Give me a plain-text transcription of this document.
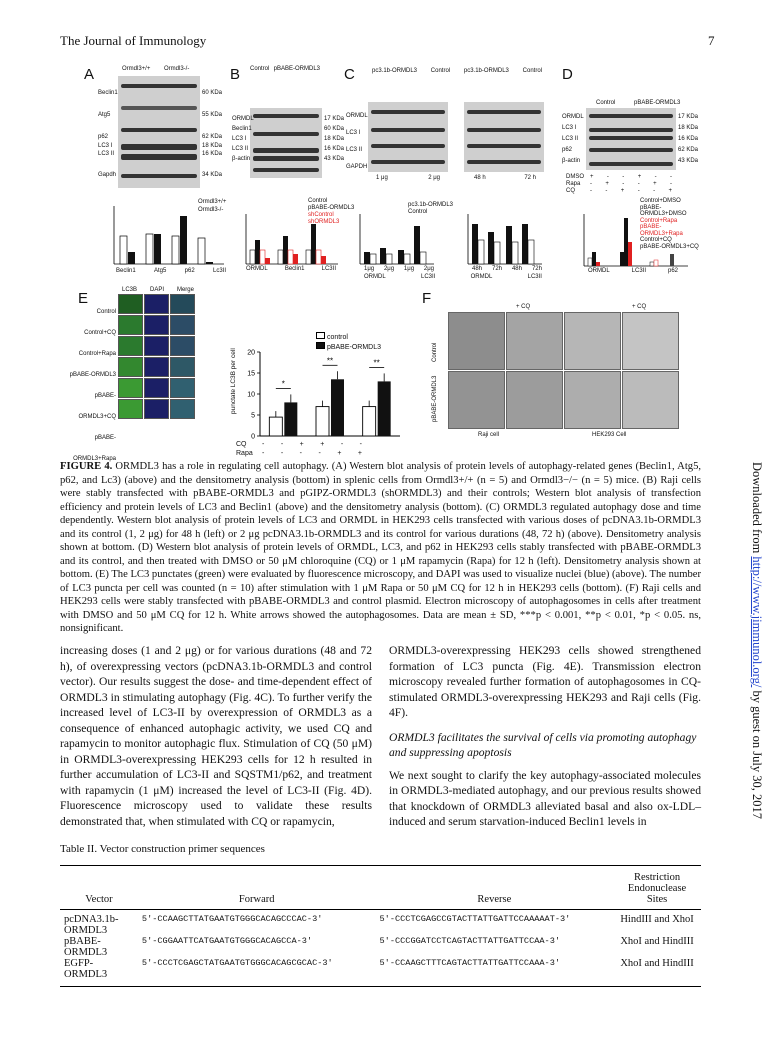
The Journal of Immunology	7
Downloaded from http://www.jimmunol.org/ by guest on July 30, 2017
A	B	C	D
E	F
Ormdl3+/+ Ormdl3-/-
Beclin1
Atg5
p62
LC3 I
LC3 II
Gapdh
60 KDa
55 KDa
62 KDa
18 KDa
16 KDa
34 KDa
Ormdl3+/+
Ormdl3-/-
Beclin1	Atg5	p62	Lc3II
Control pBABE-ORMDL3
ORMDL
Beclin1
LC3 I
LC3 II
β-actin
17 KDa
60 KDa
18 KDa
16 KDa
43 KDa
Control
pBABE-ORMDL3
shControl
shORMDL3
ORMDL	Beclin1	LC3II
ORMDL
LC3 I
LC3 II
GAPDH
1 μg	2 μg	48 h	72 h
pc3.1b-ORMDL3 Control pc3.1b-ORMDL3 Control
pc3.1b-ORMDL3
Control
1μg 2μg 1μg 2μg	48h 72h 48h 72h
ORMDL	LC3II	ORMDL	LC3II
Control	pBABE-ORMDL3
ORMDL
LC3 I
LC3 II
p62
β-actin
17 KDa
18 KDa
16 KDa
62 KDa
43 KDa
DMSO
Rapa
CQ
+ - - + - -
- + - - + -
- - + - - +
Control+DMSO
pBABE-ORMDL3+DMSO
Control+Rapa
pBABE-ORMDL3+Rapa
Control+CQ
pBABE-ORMDL3+CQ
ORMDL	LC3II	p62
LC3B DAPI Merge
Control
Control+CQ
Control+Rapa
pBABE-ORMDL3
pBABE-ORMDL3+CQ
pBABE-ORMDL3+Rapa
0
5
10
15
20
*
**	**
control
pBABE-ORMDL3
punctate LC3B per cell
CQ
Rapa
- - + + - -
- - - - + +
+ CQ	+ CQ
Control
pBABE-ORMDL3
Raji cell	HEK293 Cell
FIGURE 4. ORMDL3 has a role in regulating cell autophagy. (A) Western blot analysis of protein levels of autophagy-related genes (Beclin1, Atg5, p62, and Lc3) (above) and the densitometry analysis (bottom) in splenic cells from Ormdl3+/+ (n = 5) and Ormdl3−/− (n = 5) mice. (B) Raji cells were stably transfected with pBABE-ORMDL3 and pGIPZ-ORMDL3 (shORMDL3) and their controls; Western blot analysis of transfection efficiency and protein levels of LC3 and Beclin1 (above) and the densitometry analysis (bottom). (C) ORMDL3 regulated autophagy dose and time dependently. Western blot analysis of protein levels of LC3 and ORMDL in HEK293 cells transfected with various doses of pcDNA3.1b-ORMDL3 and its control (1, 2 μg) for 48 h (left) or 2 μg pcDNA3.1b-ORMDL3 and its control for various durations (48, 72 h) (above). Densitometry analysis shown at bottom. (D) Western blot analysis of protein levels of ORMDL, LC3, and p62 in HEK293 cells stably transfected with pBABE-ORMDL3 and its control, and then treated with DMSO or 50 μM chloroquine (CQ) or 1 μM rapamycin (Rapa) for 12 h (left). Densitometry analysis shown at bottom. (E) The LC3 punctates (green) were evaluated by fluorescence microscopy, and DAPI was used to visualize nuclei (blue) (above). The number of LC3 puncta per cell was counted (n = 10) after stimulation with 1 μM Rapa or 50 μM CQ for 12 h in HEK293 cells (bottom). (F) Raji cells and HEK293 cells were stably transfected with pBABE-ORMDL3 and control plasmid. Electron microscopy of autophagosomes in cells after treatment with DMSO and 50 μM CQ for 12 h. White arrows showed the autophagosomes. Data are mean ± SD, ***p < 0.001, **p < 0.01, *p < 0.05. ns, nonsignificant.
increasing doses (1 and 2 μg) or for various durations (48 and 72 h), of overexpressing vectors (pcDNA3.1b-ORMDL3 and control vector). Our results suggest the dose- and time-dependent effect of ORMDL3 in stimulating autophagy (Fig. 4C). To further verify the increased level of LC3-II by overexpression of ORMDL3 as a consequence of enhanced autophagic activity, we used CQ and rapamycin to monitor autophagic flux. Stimulation of CQ (50 μM) in ORMDL3-overexpressing HEK293 cells for 12 h resulted in further accumulation of LC3-II and SQSTM1/p62, and treatment with rapamycin (1 μM) increased the level of LC3-II (Fig. 4D). Fluorescence microscopy used to validate these results demonstrated that, when stimulated with CQ or rapamycin,
ORMDL3-overexpressing HEK293 cells showed strengthened formation of LC3 puncta (Fig. 4E). Transmission electron microscopy revealed further formation of autophagosomes in CQ-stimulated ORMDL3-overexpressing HEK293 and Raji cells (Fig. 4F).
ORMDL3 facilitates the survival of cells via promoting autophagy and suppressing apoptosis
We next sought to clarify the key autophagy-associated molecules in ORMDL3-mediated autophagy, and our previous results showed that knockdown of ORMDL3 alleviated basal and also ox-LDL–induced and serum starvation-induced Beclin1 levels in
Table II. Vector construction primer sequences
Vector	Forward	Reverse	Restriction Endonuclease Sites

pcDNA3.1b-ORMDL3	5′-CCAAGCTTATGAATGTGGGCACAGCCCAC-3′	5′-CCCTCGAGCCGTACTTATTGATTCCAAAAAT-3′	HindIII and XhoI
pBABE-ORMDL3	5′-CGGAATTCATGAATGTGGGCACAGCCA-3′	5′-CCCGGATCCTCAGTACTTATTGATTCCAA-3′	XhoI and HindIII
EGFP-ORMDL3	5′-CCCTCGAGCTATGAATGTGGGCACAGCGCAC-3′	5′-CCAAGCTTTCAGTACTTATTGATTCCAAA-3′	XhoI and HindIII
